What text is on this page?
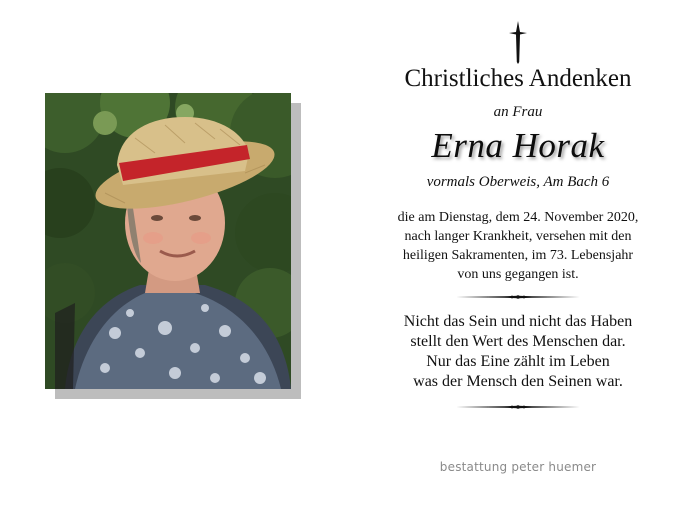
Christliches Andenken
an Frau
Erna Horak
vormals Oberweis, Am Bach 6
die am Dienstag, dem 24. November 2020,
nach langer Krankheit, versehen mit den
heiligen Sakramenten, im 73. Lebensjahr
von uns gegangen ist.
Nicht das Sein und nicht das Haben
stellt den Wert des Menschen dar.
Nur das Eine zählt im Leben
was der Mensch den Seinen war.
bestattung peter huemer
